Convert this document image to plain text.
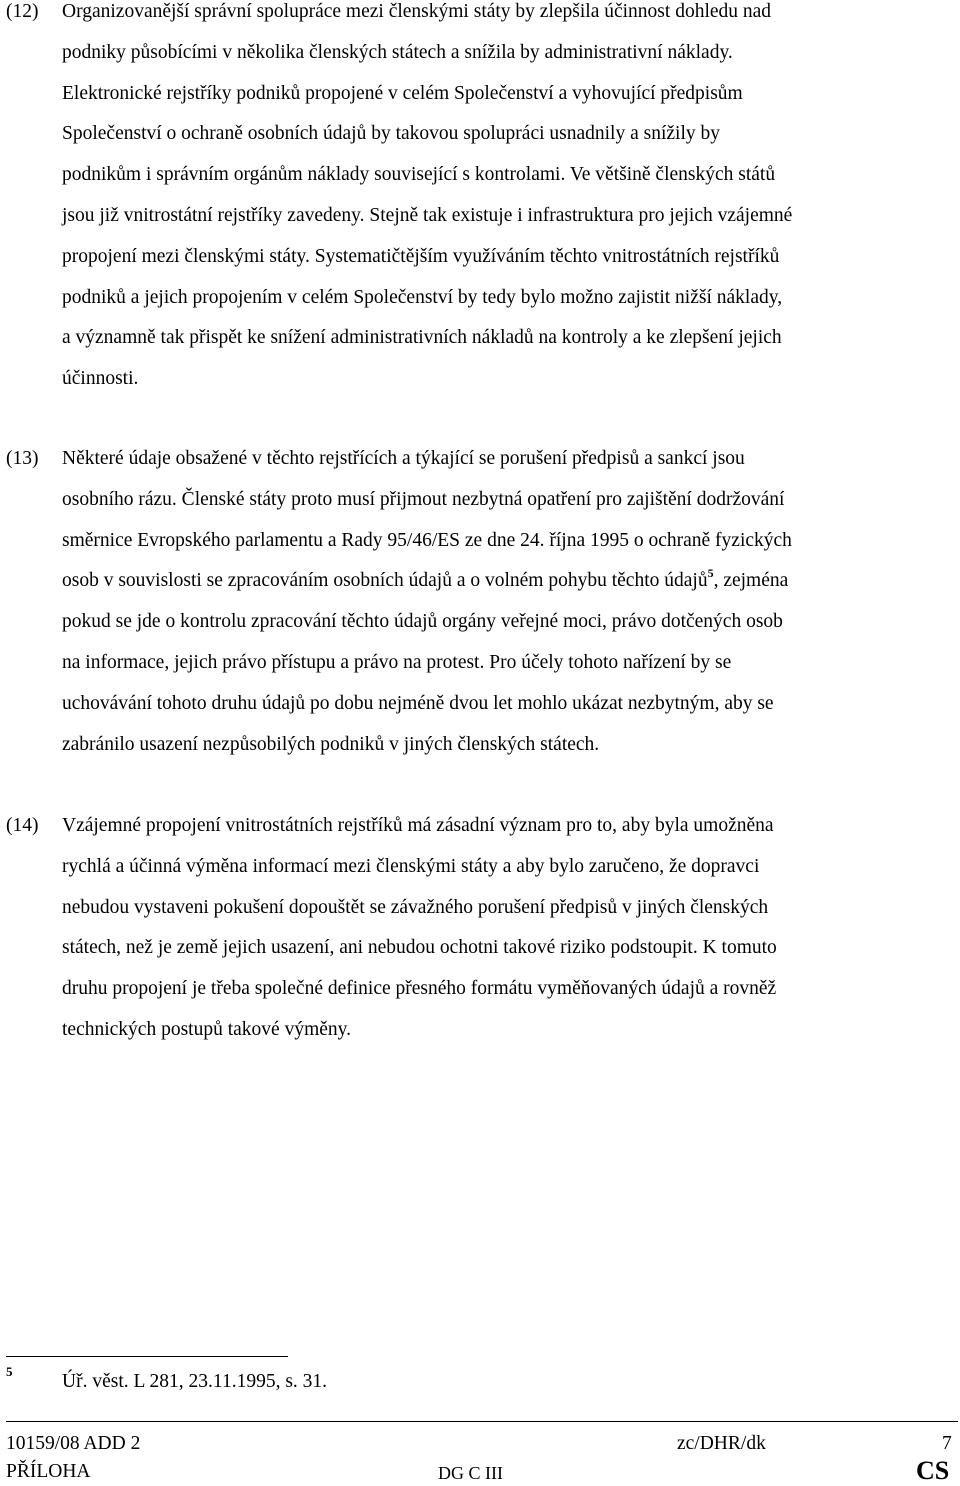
(12) Organizovanější správní spolupráce mezi členskými státy by zlepšila účinnost dohledu nad
podniky působícími v několika členských státech a snížila by administrativní náklady.
Elektronické rejstříky podniků propojené v celém Společenství a vyhovující předpisům
Společenství o ochraně osobních údajů by takovou spolupráci usnadnily a snížily by
podnikům i správním orgánům náklady související s kontrolami. Ve většině členských států
jsou již vnitrostátní rejstříky zavedeny. Stejně tak existuje i infrastruktura pro jejich vzájemné
propojení mezi členskými státy. Systematičtějším využíváním těchto vnitrostátních rejstříků
podniků a jejich propojením v celém Společenství by tedy bylo možno zajistit nižší náklady,
a významně tak přispět ke snížení administrativních nákladů na kontroly a ke zlepšení jejich
účinnosti.
(13) Některé údaje obsažené v těchto rejstřících a týkající se porušení předpisů a sankcí jsou
osobního rázu. Členské státy proto musí přijmout nezbytná opatření pro zajištění dodržování
směrnice Evropského parlamentu a Rady 95/46/ES ze dne 24. října 1995 o ochraně fyzických
osob v souvislosti se zpracováním osobních údajů a o volném pohybu těchto údajů$^5$, zejména
pokud se jde o kontrolu zpracování těchto údajů orgány veřejné moci, právo dotčených osob
na informace, jejich právo přístupu a právo na protest. Pro účely tohoto nařízení by se
uchovávání tohoto druhu údajů po dobu nejméně dvou let mohlo ukázat nezbytným, aby se
zabránilo usazení nezpůsobilých podniků v jiných členských státech.
(14) Vzájemné propojení vnitrostátních rejstříků má zásadní význam pro to, aby byla umožněna
rychlá a účinná výměna informací mezi členskými státy a aby bylo zaručeno, že dopravci
nebudou vystaveni pokušení dopouštět se závažného porušení předpisů v jiných členských
státech, než je země jejich usazení, ani nebudou ochotni takové riziko podstoupit. K tomuto
druhu propojení je třeba společné definice přesného formátu vyměňovaných údajů a rovněž
technických postupů takové výměny.
5	Úř. věst. L 281, 23.11.1995, s. 31.
10159/08 ADD 2
PŘÍLOHA
zc/DHR/dk
DG C III
7
CS
